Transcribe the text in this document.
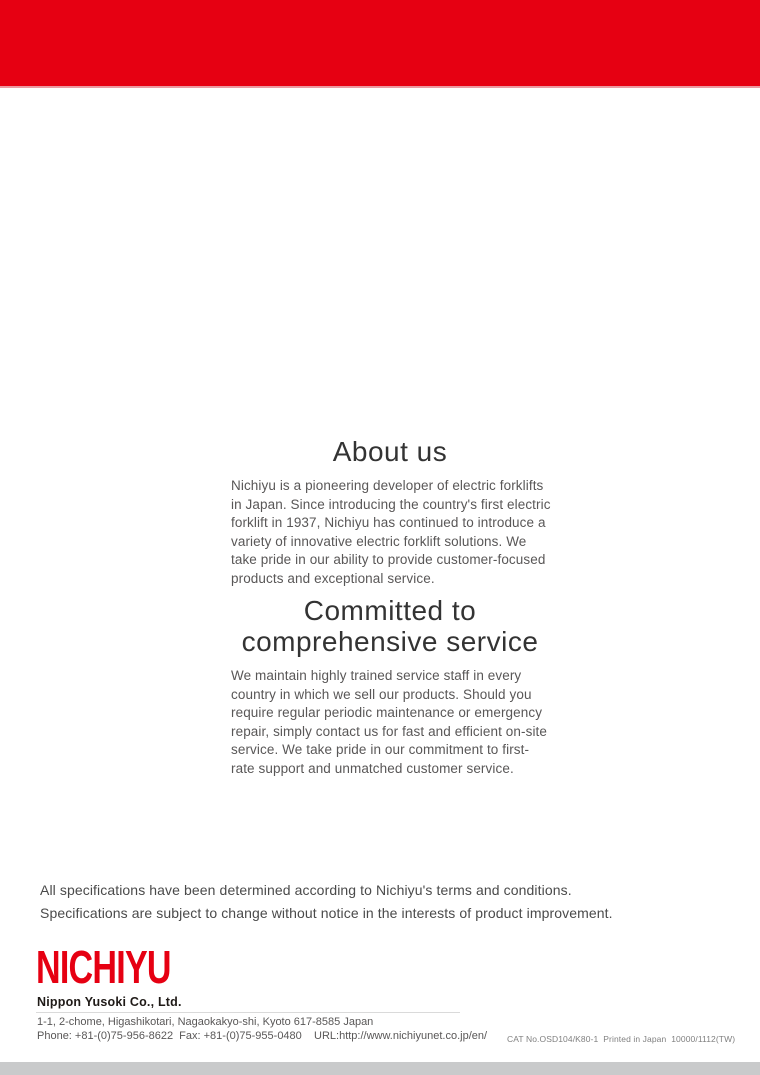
About us

Nichiyu is a pioneering developer of electric forklifts in Japan. Since introducing the country's first electric forklift in 1937, Nichiyu has continued to introduce a variety of innovative electric forklift solutions. We take pride in our ability to provide customer-focused products and exceptional service.

Committed to
comprehensive service

We maintain highly trained service staff in every country in which we sell our products. Should you require regular periodic maintenance or emergency repair, simply contact us for fast and efficient on-site service. We take pride in our commitment to first-rate support and unmatched customer service.

All specifications have been determined according to Nichiyu's terms and conditions.
Specifications are subject to change without notice in the interests of product improvement.
NICHIYU
Nippon Yusoki Co., Ltd.
1-1, 2-chome, Higashikotari, Nagaokakyo-shi, Kyoto 617-8585 Japan
Phone: +81-(0)75-956-8622  Fax: +81-(0)75-955-0480    URL:http://www.nichiyunet.co.jp/en/ CAT No.OSD104/K80-1  Printed in Japan  10000/1112(TW)
